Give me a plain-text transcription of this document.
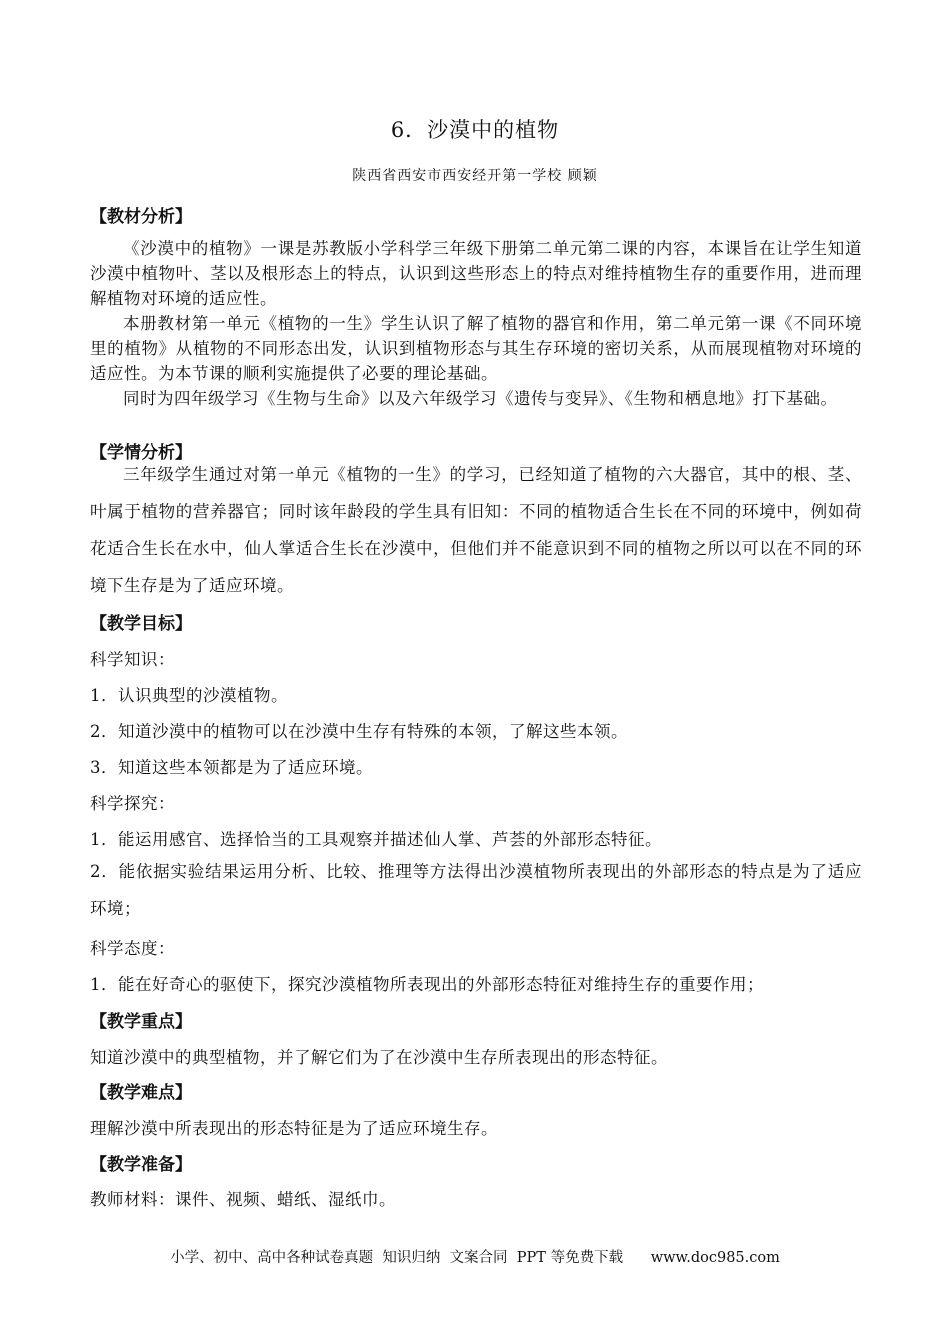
6．沙漠中的植物
陕西省西安市西安经开第一学校 顾颖
【教材分析】

《沙漠中的植物》一课是苏教版小学科学三年级下册第二单元第二课的内容，本课旨在让学生知道沙漠中植物叶、茎以及根形态上的特点，认识到这些形态上的特点对维持植物生存的重要作用，进而理解植物对环境的适应性。

本册教材第一单元《植物的一生》学生认识了解了植物的器官和作用，第二单元第一课《不同环境里的植物》从植物的不同形态出发，认识到植物形态与其生存环境的密切关系，从而展现植物对环境的适应性。为本节课的顺利实施提供了必要的理论基础。

同时为四年级学习《生物与生命》以及六年级学习《遗传与变异》、《生物和栖息地》打下基础。

【学情分析】

三年级学生通过对第一单元《植物的一生》的学习，已经知道了植物的六大器官，其中的根、茎、叶属于植物的营养器官；同时该年龄段的学生具有旧知：不同的植物适合生长在不同的环境中，例如荷花适合生长在水中，仙人掌适合生长在沙漠中，但他们并不能意识到不同的植物之所以可以在不同的环境下生存是为了适应环境。

【教学目标】
科学知识：
1．认识典型的沙漠植物。
2．知道沙漠中的植物可以在沙漠中生存有特殊的本领，了解这些本领。
3．知道这些本领都是为了适应环境。
科学探究：
1．能运用感官、选择恰当的工具观察并描述仙人掌、芦荟的外部形态特征。

2．能依据实验结果运用分析、比较、推理等方法得出沙漠植物所表现出的外部形态的特点是为了适应环境；

科学态度：
1．能在好奇心的驱使下，探究沙漠植物所表现出的外部形态特征对维持生存的重要作用；
【教学重点】
知道沙漠中的典型植物，并了解它们为了在沙漠中生存所表现出的形态特征。
【教学难点】
理解沙漠中所表现出的形态特征是为了适应环境生存。
【教学准备】
教师材料：课件、视频、蜡纸、湿纸巾。
小学、初中、高中各种试卷真题  知识归纳  文案合同  PPT 等免费下载      www.doc985.com
